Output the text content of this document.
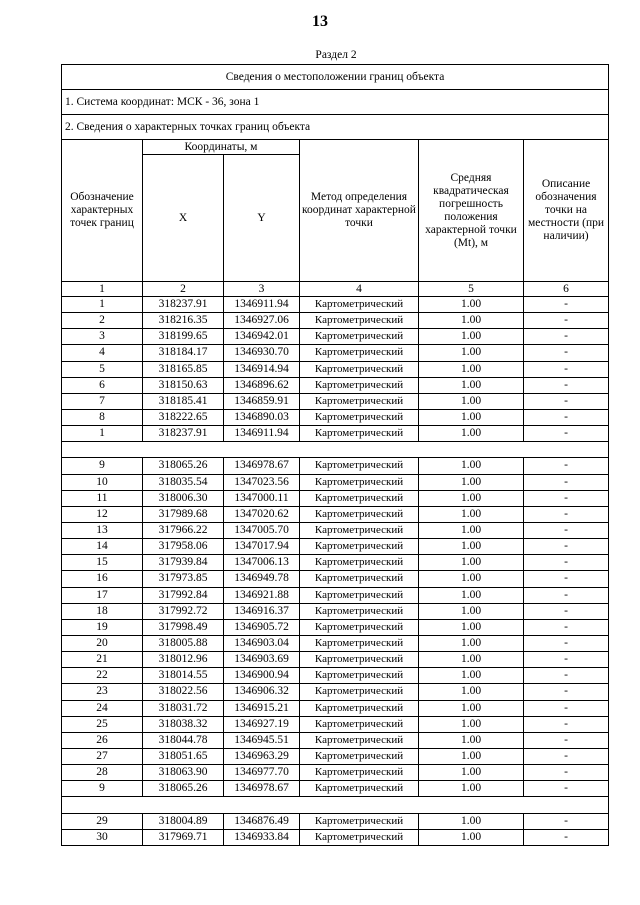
13
Раздел 2
Сведения о местоположении границ объекта					
1. Система координат: МСК - 36, зона 1					
2. Сведения о характерных точках границ объекта					
Обозначение характерных точек границ	Координаты, м		Метод определения координат характерной точки	Средняя квадратическая погрешность положения характерной точки (Mt), м	Описание обозначения точки на местности (при наличии)
	X	Y			
1	2	3	4	5	6
1	318237.91	1346911.94	Картометрический	1.00	-
2	318216.35	1346927.06	Картометрический	1.00	-
3	318199.65	1346942.01	Картометрический	1.00	-
4	318184.17	1346930.70	Картометрический	1.00	-
5	318165.85	1346914.94	Картометрический	1.00	-
6	318150.63	1346896.62	Картометрический	1.00	-
7	318185.41	1346859.91	Картометрический	1.00	-
8	318222.65	1346890.03	Картометрический	1.00	-
1	318237.91	1346911.94	Картометрический	1.00	-

9	318065.26	1346978.67	Картометрический	1.00	-
10	318035.54	1347023.56	Картометрический	1.00	-
11	318006.30	1347000.11	Картометрический	1.00	-
12	317989.68	1347020.62	Картометрический	1.00	-
13	317966.22	1347005.70	Картометрический	1.00	-
14	317958.06	1347017.94	Картометрический	1.00	-
15	317939.84	1347006.13	Картометрический	1.00	-
16	317973.85	1346949.78	Картометрический	1.00	-
17	317992.84	1346921.88	Картометрический	1.00	-
18	317992.72	1346916.37	Картометрический	1.00	-
19	317998.49	1346905.72	Картометрический	1.00	-
20	318005.88	1346903.04	Картометрический	1.00	-
21	318012.96	1346903.69	Картометрический	1.00	-
22	318014.55	1346900.94	Картометрический	1.00	-
23	318022.56	1346906.32	Картометрический	1.00	-
24	318031.72	1346915.21	Картометрический	1.00	-
25	318038.32	1346927.19	Картометрический	1.00	-
26	318044.78	1346945.51	Картометрический	1.00	-
27	318051.65	1346963.29	Картометрический	1.00	-
28	318063.90	1346977.70	Картометрический	1.00	-
9	318065.26	1346978.67	Картометрический	1.00	-

29	318004.89	1346876.49	Картометрический	1.00	-
30	317969.71	1346933.84	Картометрический	1.00	-
